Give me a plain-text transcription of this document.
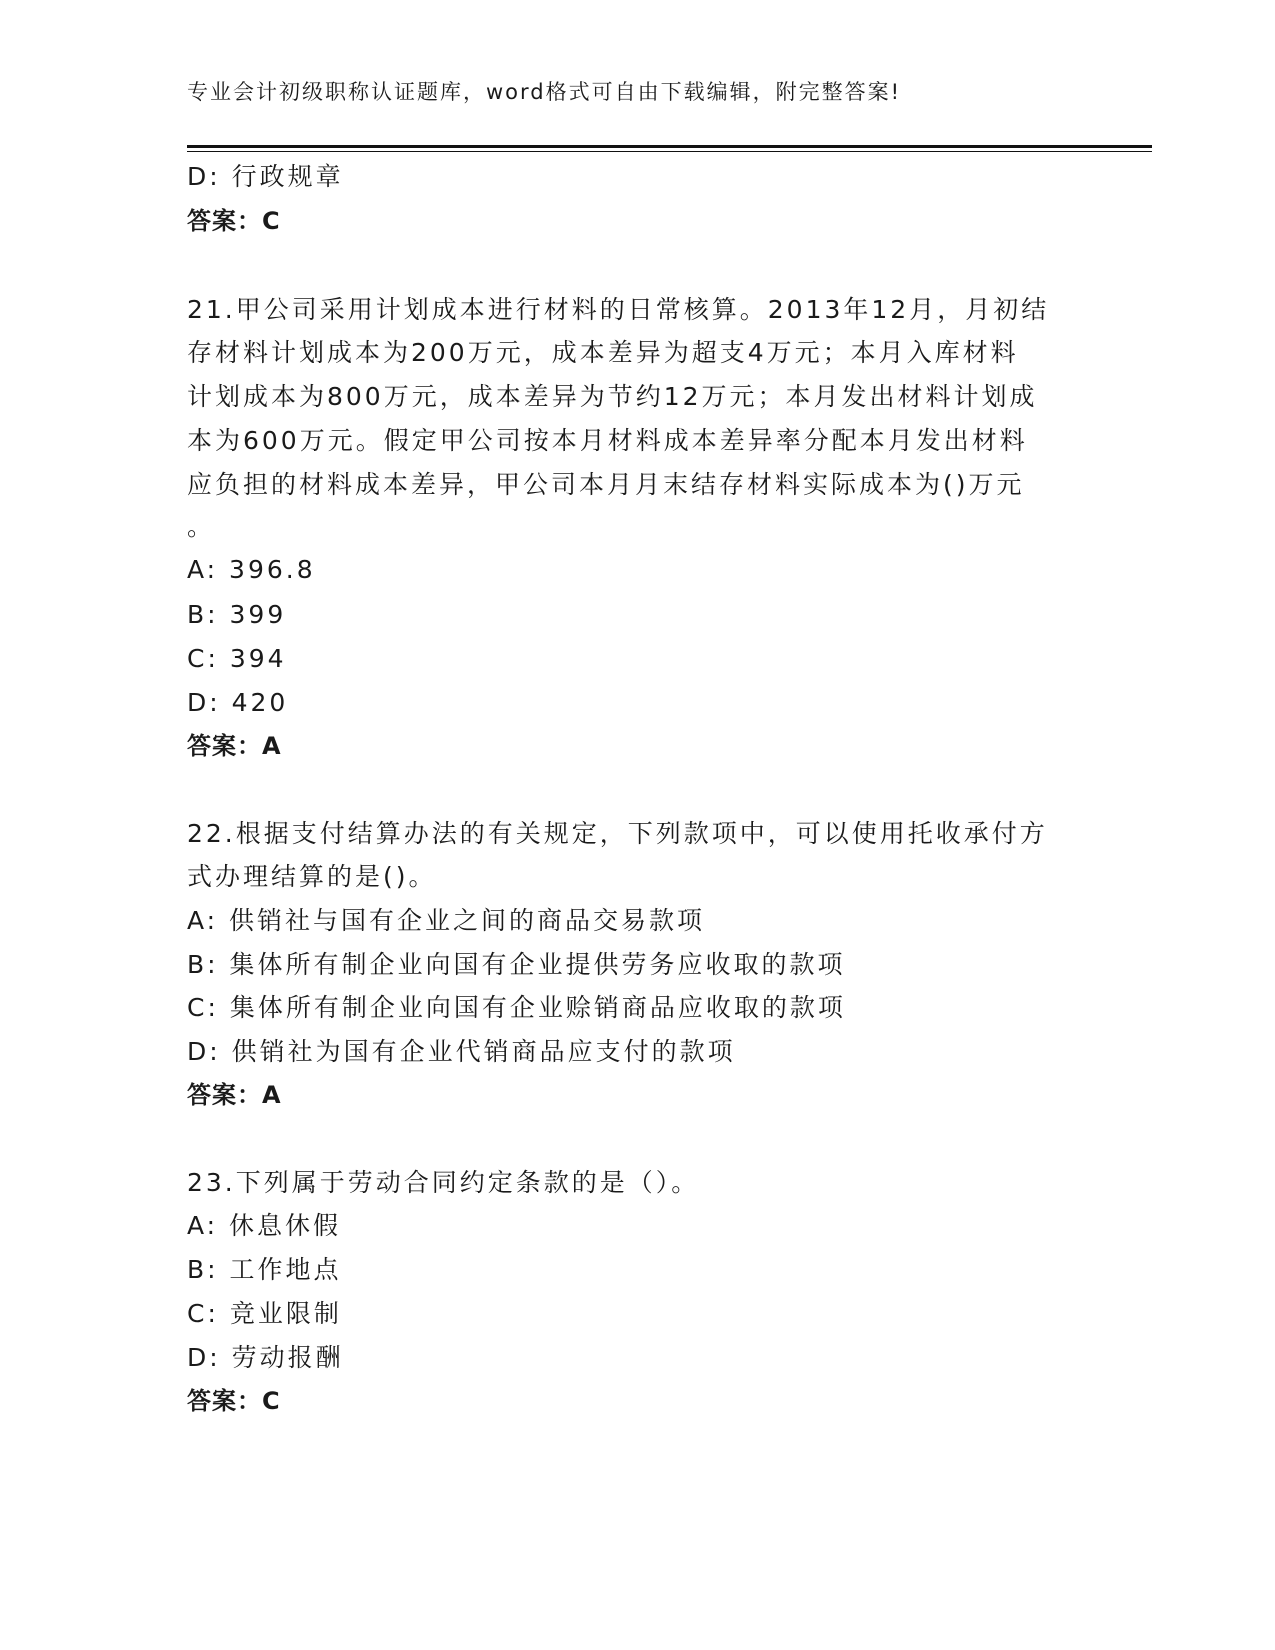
专业会计初级职称认证题库，word格式可自由下载编辑，附完整答案!
D: 行政规章
答案：C
21.甲公司采用计划成本进行材料的日常核算。2013年12月，月初结
存材料计划成本为200万元，成本差异为超支4万元；本月入库材料
计划成本为800万元，成本差异为节约12万元；本月发出材料计划成
本为600万元。假定甲公司按本月材料成本差异率分配本月发出材料
应负担的材料成本差异，甲公司本月月末结存材料实际成本为()万元
。
A: 396.8
B: 399
C: 394
D: 420
答案：A
22.根据支付结算办法的有关规定，下列款项中，可以使用托收承付方
式办理结算的是()。
A: 供销社与国有企业之间的商品交易款项
B: 集体所有制企业向国有企业提供劳务应收取的款项
C: 集体所有制企业向国有企业赊销商品应收取的款项
D: 供销社为国有企业代销商品应支付的款项
答案：A
23.下列属于劳动合同约定条款的是（）。
A: 休息休假
B: 工作地点
C: 竞业限制
D: 劳动报酬
答案：C
